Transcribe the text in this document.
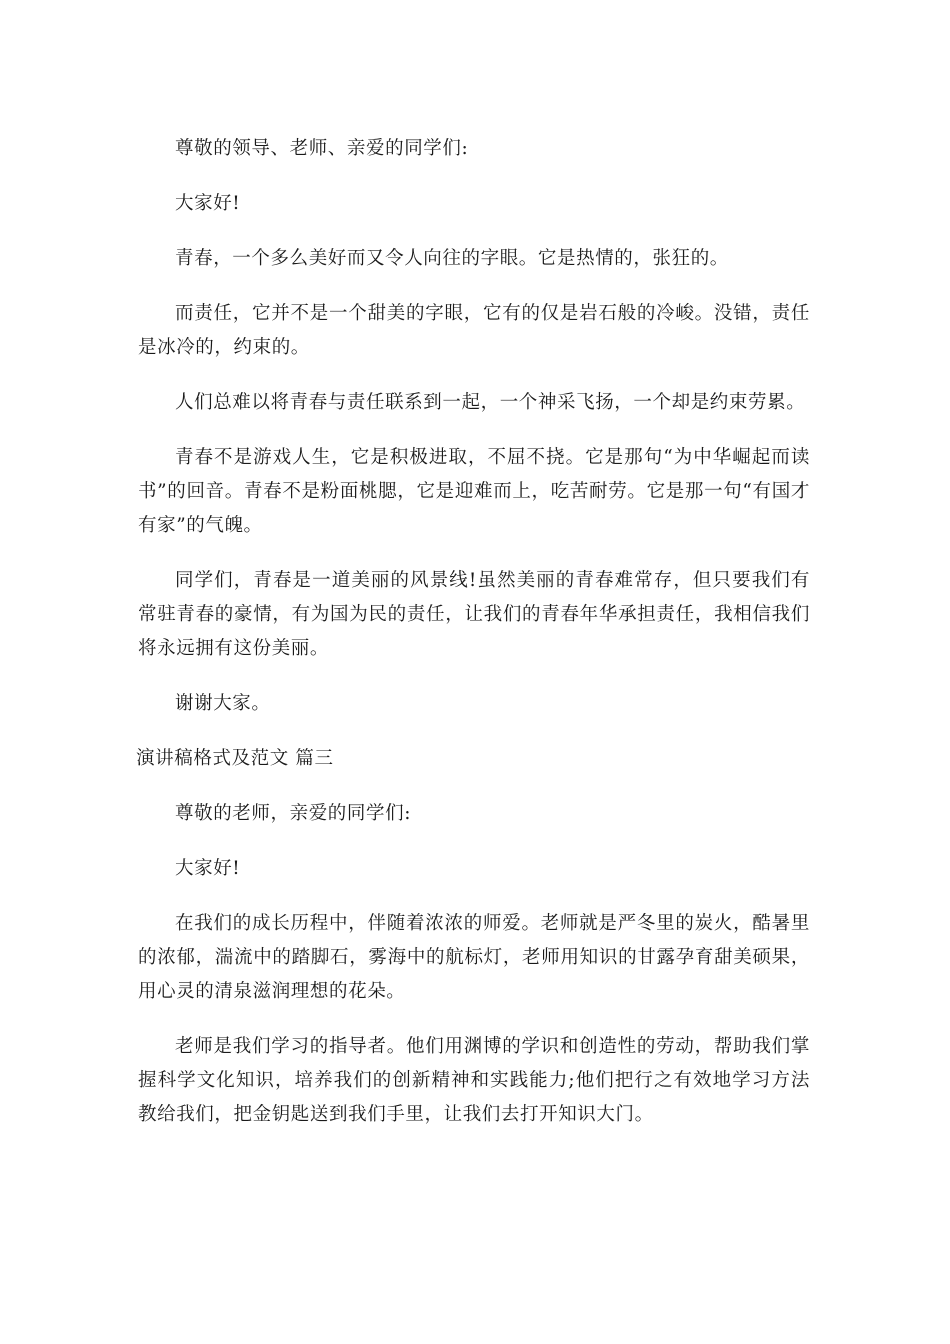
尊敬的领导、老师、亲爱的同学们:

大家好!

青春，一个多么美好而又令人向往的字眼。它是热情的，张狂的。

而责任，它并不是一个甜美的字眼，它有的仅是岩石般的冷峻。没错，责任是冰冷的，约束的。

人们总难以将青春与责任联系到一起，一个神采飞扬，一个却是约束劳累。

青春不是游戏人生，它是积极进取，不屈不挠。它是那句“为中华崛起而读书”的回音。青春不是粉面桃腮，它是迎难而上，吃苦耐劳。它是那一句“有国才有家”的气魄。

同学们，青春是一道美丽的风景线!虽然美丽的青春难常存，但只要我们有常驻青春的豪情，有为国为民的责任，让我们的青春年华承担责任，我相信我们将永远拥有这份美丽。

谢谢大家。

演讲稿格式及范文 篇三

尊敬的老师，亲爱的同学们:

大家好!

在我们的成长历程中，伴随着浓浓的师爱。老师就是严冬里的炭火，酷暑里的浓郁，湍流中的踏脚石，雾海中的航标灯，老师用知识的甘露孕育甜美硕果，用心灵的清泉滋润理想的花朵。

老师是我们学习的指导者。他们用渊博的学识和创造性的劳动，帮助我们掌握科学文化知识，培养我们的创新精神和实践能力;他们把行之有效地学习方法教给我们，把金钥匙送到我们手里，让我们去打开知识大门。
